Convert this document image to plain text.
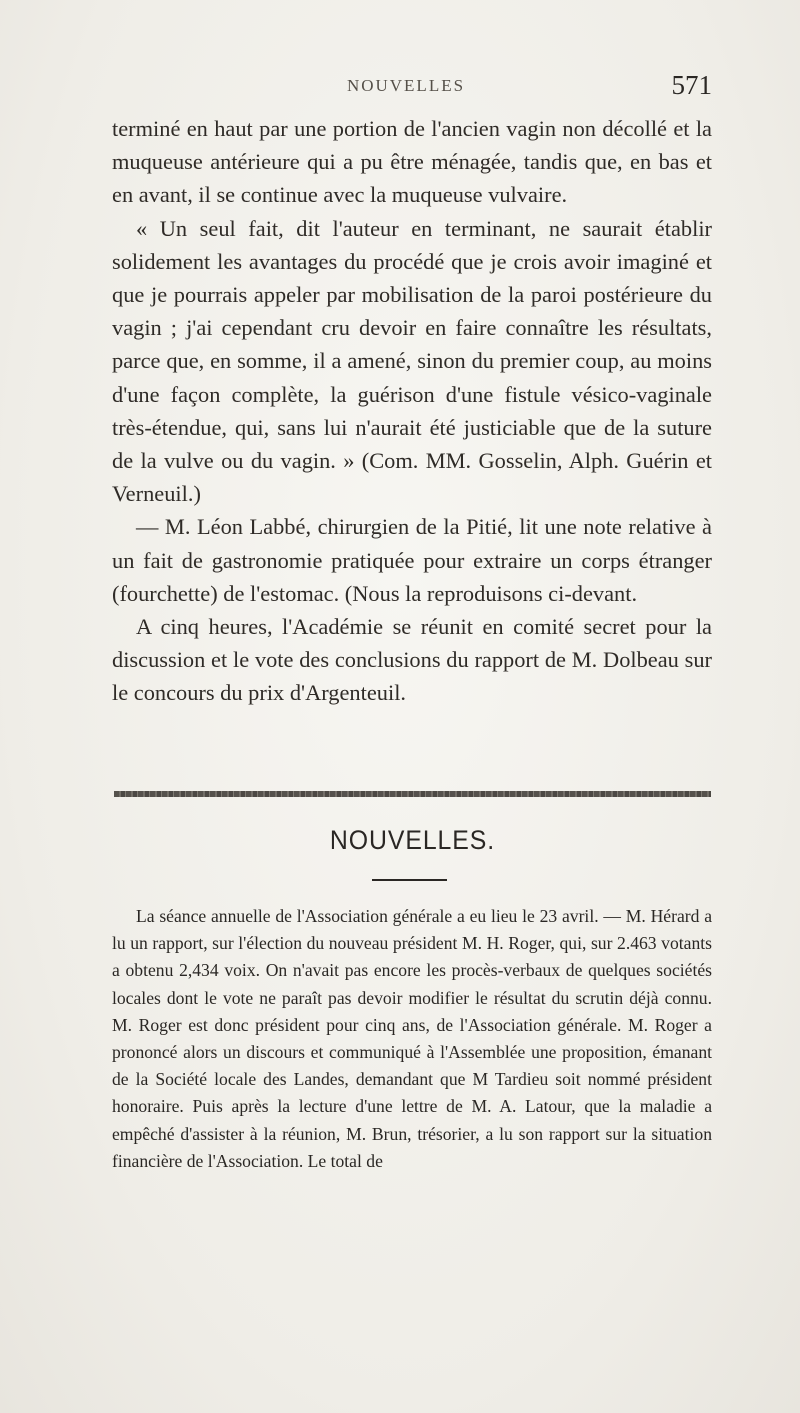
NOUVELLES	571

terminé en haut par une portion de l'ancien vagin non décollé et la muqueuse antérieure qui a pu être ménagée, tandis que, en bas et en avant, il se continue avec la muqueuse vulvaire.

« Un seul fait, dit l'auteur en terminant, ne saurait établir solidement les avantages du procédé que je crois avoir imaginé et que je pourrais appeler par mobilisation de la paroi postérieure du vagin ; j'ai cependant cru devoir en faire connaître les résultats, parce que, en somme, il a amené, sinon du premier coup, au moins d'une façon complète, la guérison d'une fistule vésico-vaginale très-étendue, qui, sans lui n'aurait été justiciable que de la suture de la vulve ou du vagin. » (Com. MM. Gosselin, Alph. Guérin et Verneuil.)

— M. Léon Labbé, chirurgien de la Pitié, lit une note relative à un fait de gastronomie pratiquée pour extraire un corps étranger (fourchette) de l'estomac. (Nous la reproduisons ci-devant.

A cinq heures, l'Académie se réunit en comité secret pour la discussion et le vote des conclusions du rapport de M. Dolbeau sur le concours du prix d'Argenteuil.

NOUVELLES.

La séance annuelle de l'Association générale a eu lieu le 23 avril. — M. Hérard a lu un rapport, sur l'élection du nouveau président M. H. Roger, qui, sur 2.463 votants a obtenu 2,434 voix. On n'avait pas encore les procès-verbaux de quelques sociétés locales dont le vote ne paraît pas devoir modifier le résultat du scrutin déjà connu. M. Roger est donc président pour cinq ans, de l'Association générale. M. Roger a prononcé alors un discours et communiqué à l'Assemblée une proposition, émanant de la Société locale des Landes, demandant que M Tardieu soit nommé président honoraire. Puis après la lecture d'une lettre de M. A. Latour, que la maladie a empêché d'assister à la réunion, M. Brun, trésorier, a lu son rapport sur la situation financière de l'Association. Le total de
